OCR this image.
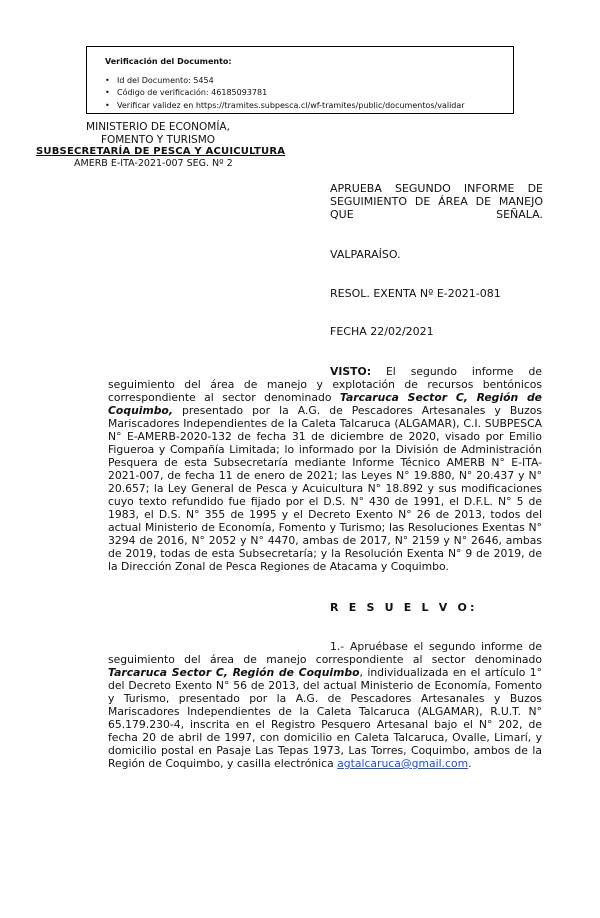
Verificación del Documento:
• Id del Documento: 5454
• Código de verificación: 46185093781
• Verificar validez en https://tramites.subpesca.cl/wf-tramites/public/documentos/validar
MINISTERIO DE ECONOMÍA,
FOMENTO Y TURISMO
SUBSECRETARÍA DE PESCA Y ACUICULTURA
AMERB E-ITA-2021-007 SEG. Nº 2
APRUEBA SEGUNDO INFORME DE SEGUIMIENTO DE ÁREA DE MANEJO QUE SEÑALA.
VALPARAÍSO.
RESOL. EXENTA Nº E-2021-081
FECHA 22/02/2021
VISTO: El segundo informe de seguimiento del área de manejo y explotación de recursos bentónicos correspondiente al sector denominado Tarcaruca Sector C, Región de Coquimbo, presentado por la A.G. de Pescadores Artesanales y Buzos Mariscadores Independientes de la Caleta Talcaruca (ALGAMAR), C.I. SUBPESCA N° E-AMERB-2020-132 de fecha 31 de diciembre de 2020, visado por Emilio Figueroa y Compañía Limitada; lo informado por la División de Administración Pesquera de esta Subsecretaría mediante Informe Técnico AMERB N° E-ITA-2021-007, de fecha 11 de enero de 2021; las Leyes N° 19.880, N° 20.437 y N° 20.657; la Ley General de Pesca y Acuicultura N° 18.892 y sus modificaciones cuyo texto refundido fue fijado por el D.S. N° 430 de 1991, el D.F.L. N° 5 de 1983, el D.S. N° 355 de 1995 y el Decreto Exento N° 26 de 2013, todos del actual Ministerio de Economía, Fomento y Turismo; las Resoluciones Exentas N° 3294 de 2016, N° 2052 y N° 4470, ambas de 2017, N° 2159 y N° 2646, ambas de 2019, todas de esta Subsecretaría; y la Resolución Exenta N° 9 de 2019, de la Dirección Zonal de Pesca Regiones de Atacama y Coquimbo.
R E S U E L V O:
1.- Apruébase el segundo informe de seguimiento del área de manejo correspondiente al sector denominado Tarcaruca Sector C, Región de Coquimbo, individualizada en el artículo 1° del Decreto Exento N° 56 de 2013, del actual Ministerio de Economía, Fomento y Turismo, presentado por la A.G. de Pescadores Artesanales y Buzos Mariscadores Independientes de la Caleta Talcaruca (ALGAMAR), R.U.T. N° 65.179.230-4, inscrita en el Registro Pesquero Artesanal bajo el N° 202, de fecha 20 de abril de 1997, con domicilio en Caleta Talcaruca, Ovalle, Limarí, y domicilio postal en Pasaje Las Tepas 1973, Las Torres, Coquimbo, ambos de la Región de Coquimbo, y casilla electrónica agtalcaruca@gmail.com.
